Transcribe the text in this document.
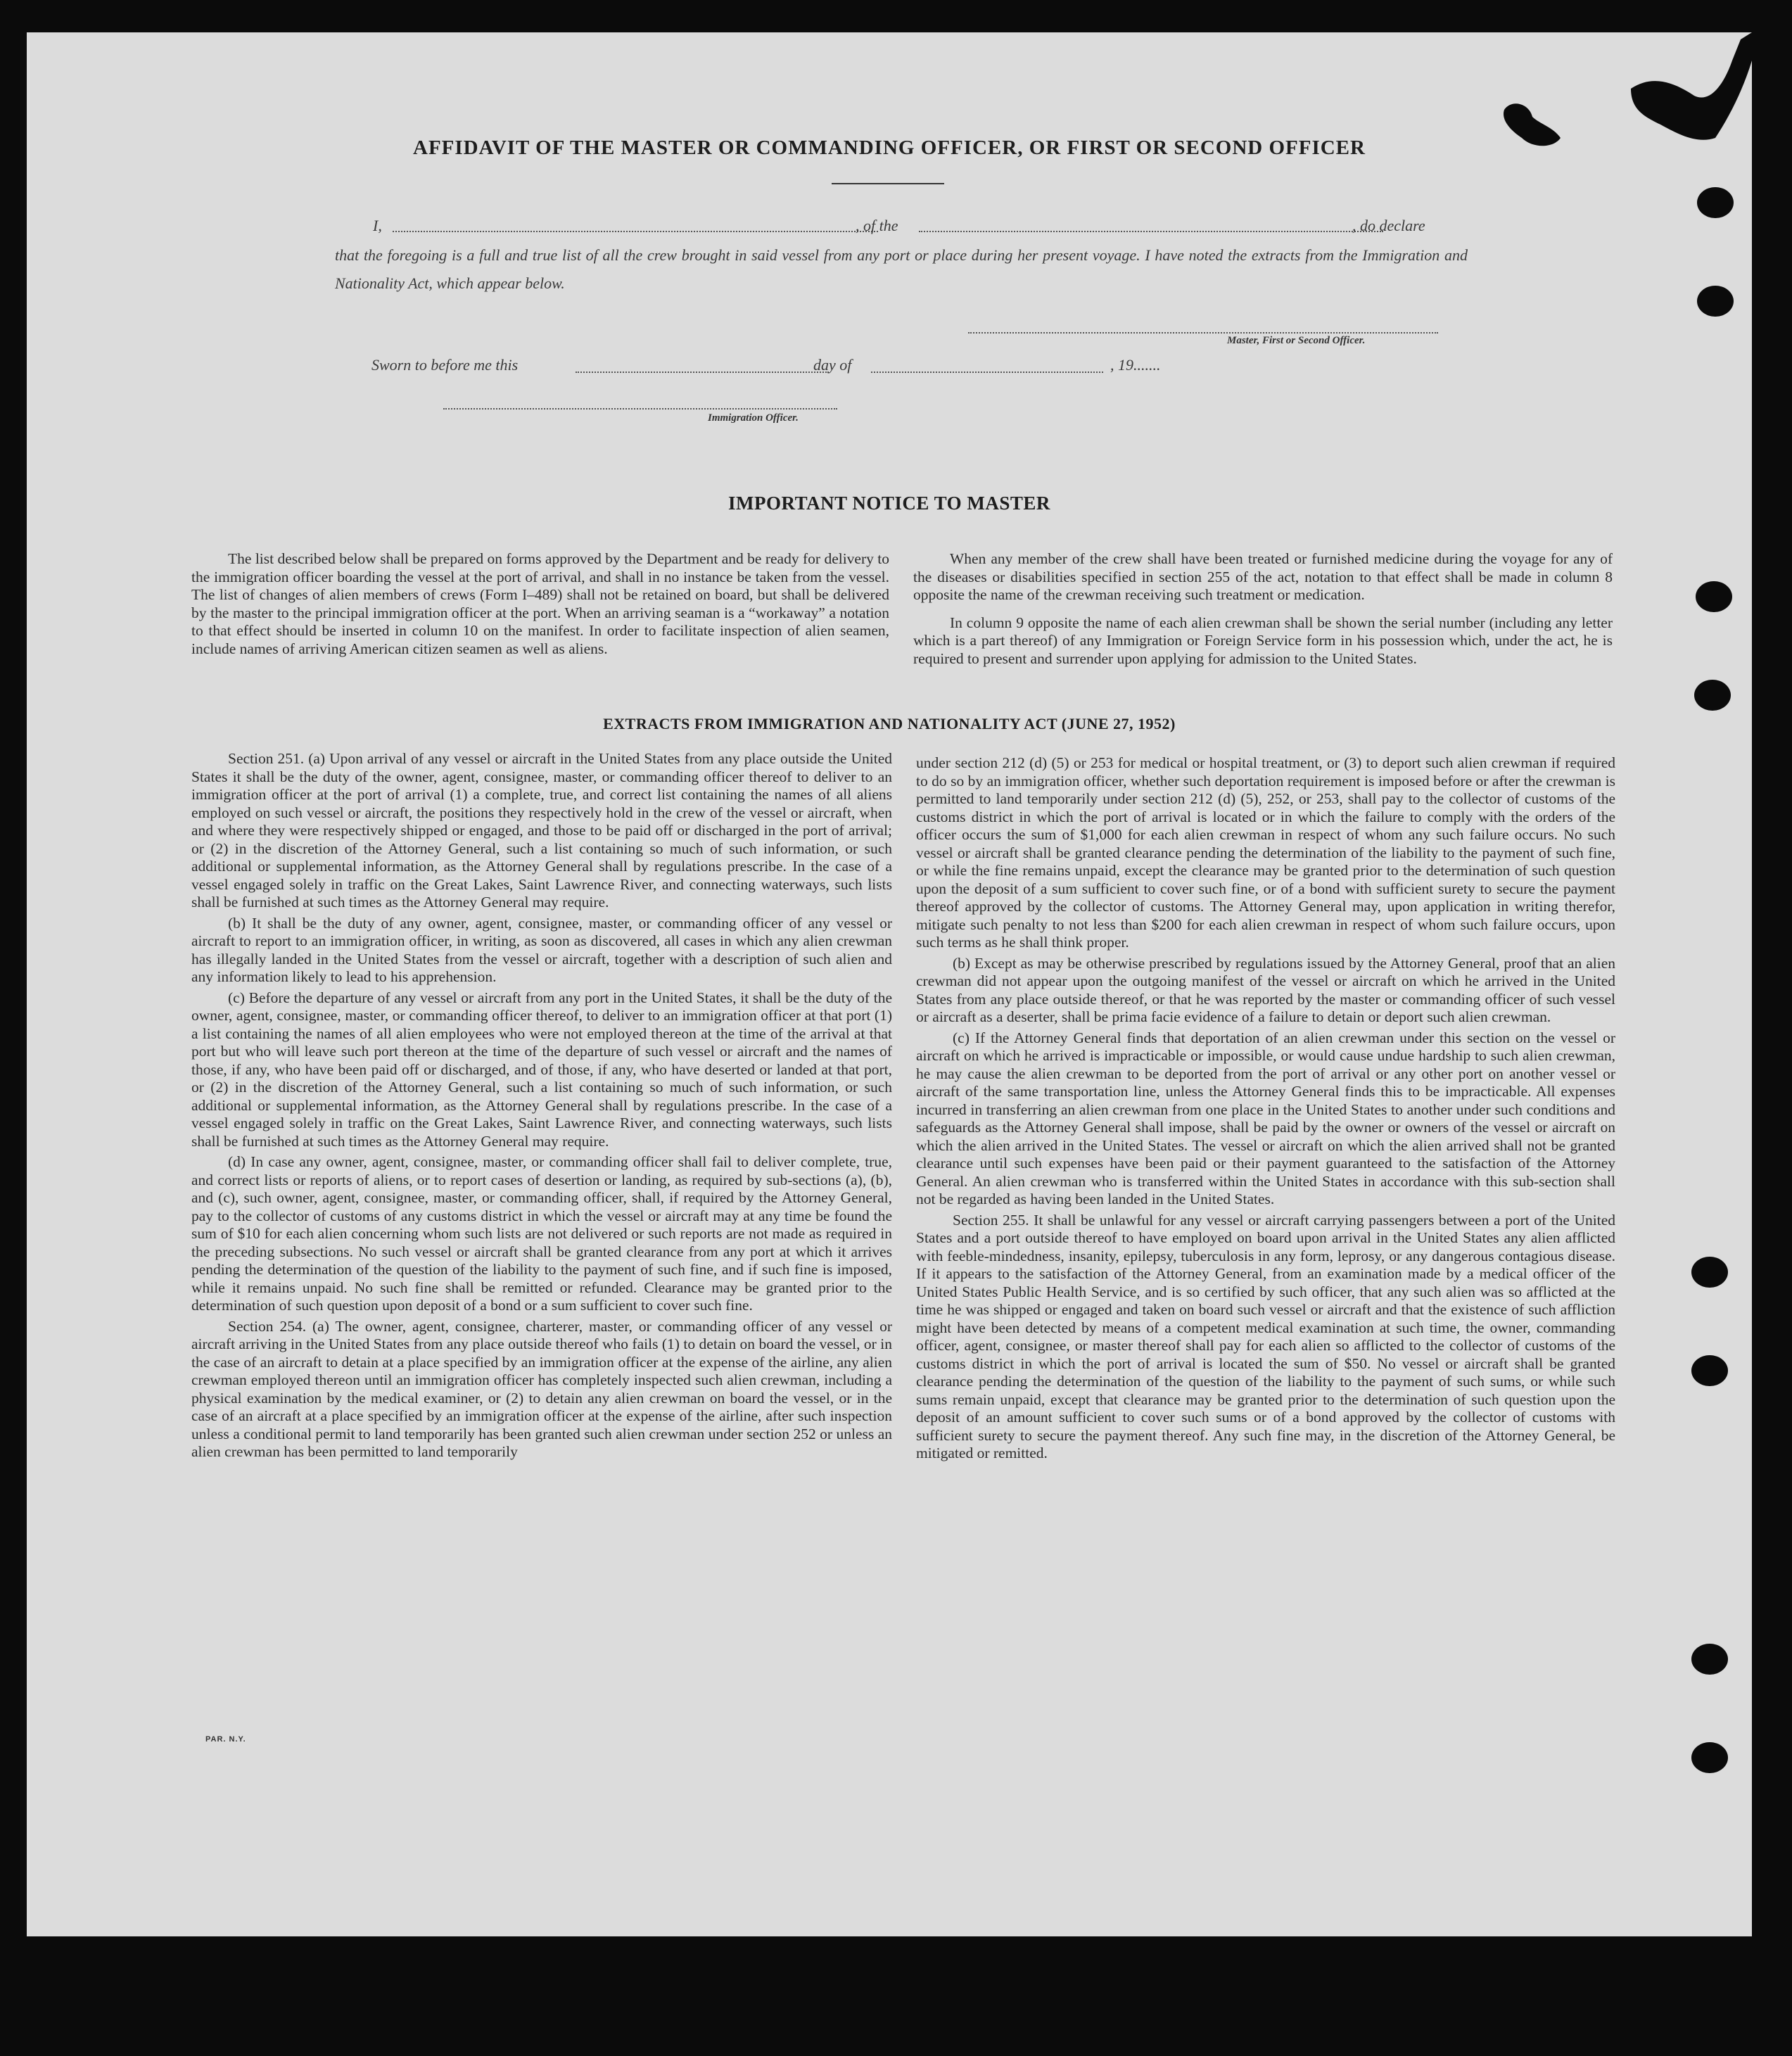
AFFIDAVIT OF THE MASTER OR COMMANDING OFFICER, OR FIRST OR SECOND OFFICER
I,	, of the	, do declare
that the foregoing is a full and true list of all the crew brought in said vessel from any port or place during her present voyage. I have noted the extracts from the Immigration and Nationality Act, which appear below.
Master, First or Second Officer.
Sworn to before me this	day of	, 19.......
Immigration Officer.
IMPORTANT NOTICE TO MASTER

The list described below shall be prepared on forms approved by the Department and be ready for delivery to the immigration officer boarding the vessel at the port of arrival, and shall in no instance be taken from the vessel. The list of changes of alien members of crews (Form I–489) shall not be retained on board, but shall be delivered by the master to the principal immigration officer at the port. When an arriving seaman is a “workaway” a notation to that effect should be inserted in column 10 on the manifest. In order to facilitate inspection of alien seamen, include names of arriving American citizen seamen as well as aliens.

When any member of the crew shall have been treated or furnished medicine during the voyage for any of the diseases or disabilities specified in section 255 of the act, notation to that effect shall be made in column 8 opposite the name of the crewman receiving such treatment or medication.

In column 9 opposite the name of each alien crewman shall be shown the serial number (including any letter which is a part thereof) of any Immigration or Foreign Service form in his possession which, under the act, he is required to present and surrender upon applying for admission to the United States.

EXTRACTS FROM IMMIGRATION AND NATIONALITY ACT (JUNE 27, 1952)

Section 251. (a) Upon arrival of any vessel or aircraft in the United States from any place outside the United States it shall be the duty of the owner, agent, consignee, master, or commanding officer thereof to deliver to an immigration officer at the port of arrival (1) a complete, true, and correct list containing the names of all aliens employed on such vessel or aircraft, the positions they respectively hold in the crew of the vessel or aircraft, when and where they were respectively shipped or engaged, and those to be paid off or discharged in the port of arrival; or (2) in the discretion of the Attorney General, such a list containing so much of such information, or such additional or supplemental information, as the Attorney General shall by regulations prescribe. In the case of a vessel engaged solely in traffic on the Great Lakes, Saint Lawrence River, and connecting waterways, such lists shall be furnished at such times as the Attorney General may require.

(b) It shall be the duty of any owner, agent, consignee, master, or commanding officer of any vessel or aircraft to report to an immigration officer, in writing, as soon as discovered, all cases in which any alien crewman has illegally landed in the United States from the vessel or aircraft, together with a description of such alien and any information likely to lead to his apprehension.

(c) Before the departure of any vessel or aircraft from any port in the United States, it shall be the duty of the owner, agent, consignee, master, or commanding officer thereof, to deliver to an immigration officer at that port (1) a list containing the names of all alien employees who were not employed thereon at the time of the arrival at that port but who will leave such port thereon at the time of the departure of such vessel or aircraft and the names of those, if any, who have been paid off or discharged, and of those, if any, who have deserted or landed at that port, or (2) in the discretion of the Attorney General, such a list containing so much of such information, or such additional or supplemental information, as the Attorney General shall by regulations prescribe. In the case of a vessel engaged solely in traffic on the Great Lakes, Saint Lawrence River, and connecting waterways, such lists shall be furnished at such times as the Attorney General may require.

(d) In case any owner, agent, consignee, master, or commanding officer shall fail to deliver complete, true, and correct lists or reports of aliens, or to report cases of desertion or landing, as required by sub-sections (a), (b), and (c), such owner, agent, consignee, master, or commanding officer, shall, if required by the Attorney General, pay to the collector of customs of any customs district in which the vessel or aircraft may at any time be found the sum of $10 for each alien concerning whom such lists are not delivered or such reports are not made as required in the preceding subsections. No such vessel or aircraft shall be granted clearance from any port at which it arrives pending the determination of the question of the liability to the payment of such fine, and if such fine is imposed, while it remains unpaid. No such fine shall be remitted or refunded. Clearance may be granted prior to the determination of such question upon deposit of a bond or a sum sufficient to cover such fine.

Section 254. (a) The owner, agent, consignee, charterer, master, or commanding officer of any vessel or aircraft arriving in the United States from any place outside thereof who fails (1) to detain on board the vessel, or in the case of an aircraft to detain at a place specified by an immigration officer at the expense of the airline, any alien crewman employed thereon until an immigration officer has completely inspected such alien crewman, including a physical examination by the medical examiner, or (2) to detain any alien crewman on board the vessel, or in the case of an aircraft at a place specified by an immigration officer at the expense of the airline, after such inspection unless a conditional permit to land temporarily has been granted such alien crewman under section 252 or unless an alien crewman has been permitted to land temporarily

under section 212 (d) (5) or 253 for medical or hospital treatment, or (3) to deport such alien crewman if required to do so by an immigration officer, whether such deportation requirement is imposed before or after the crewman is permitted to land temporarily under section 212 (d) (5), 252, or 253, shall pay to the collector of customs of the customs district in which the port of arrival is located or in which the failure to comply with the orders of the officer occurs the sum of $1,000 for each alien crewman in respect of whom any such failure occurs. No such vessel or aircraft shall be granted clearance pending the determination of the liability to the payment of such fine, or while the fine remains unpaid, except the clearance may be granted prior to the determination of such question upon the deposit of a sum sufficient to cover such fine, or of a bond with sufficient surety to secure the payment thereof approved by the collector of customs. The Attorney General may, upon application in writing therefor, mitigate such penalty to not less than $200 for each alien crewman in respect of whom such failure occurs, upon such terms as he shall think proper.

(b) Except as may be otherwise prescribed by regulations issued by the Attorney General, proof that an alien crewman did not appear upon the outgoing manifest of the vessel or aircraft on which he arrived in the United States from any place outside thereof, or that he was reported by the master or commanding officer of such vessel or aircraft as a deserter, shall be prima facie evidence of a failure to detain or deport such alien crewman.

(c) If the Attorney General finds that deportation of an alien crewman under this section on the vessel or aircraft on which he arrived is impracticable or impossible, or would cause undue hardship to such alien crewman, he may cause the alien crewman to be deported from the port of arrival or any other port on another vessel or aircraft of the same transportation line, unless the Attorney General finds this to be impracticable. All expenses incurred in transferring an alien crewman from one place in the United States to another under such conditions and safeguards as the Attorney General shall impose, shall be paid by the owner or owners of the vessel or aircraft on which the alien arrived in the United States. The vessel or aircraft on which the alien arrived shall not be granted clearance until such expenses have been paid or their payment guaranteed to the satisfaction of the Attorney General. An alien crewman who is transferred within the United States in accordance with this sub-section shall not be regarded as having been landed in the United States.

Section 255. It shall be unlawful for any vessel or aircraft carrying passengers between a port of the United States and a port outside thereof to have employed on board upon arrival in the United States any alien afflicted with feeble-mindedness, insanity, epilepsy, tuberculosis in any form, leprosy, or any dangerous contagious disease. If it appears to the satisfaction of the Attorney General, from an examination made by a medical officer of the United States Public Health Service, and is so certified by such officer, that any such alien was so afflicted at the time he was shipped or engaged and taken on board such vessel or aircraft and that the existence of such affliction might have been detected by means of a competent medical examination at such time, the owner, commanding officer, agent, consignee, or master thereof shall pay for each alien so afflicted to the collector of customs of the customs district in which the port of arrival is located the sum of $50. No vessel or aircraft shall be granted clearance pending the determination of the question of the liability to the payment of such sums, or while such sums remain unpaid, except that clearance may be granted prior to the determination of such question upon the deposit of an amount sufficient to cover such sums or of a bond approved by the collector of customs with sufficient surety to secure the payment thereof. Any such fine may, in the discretion of the Attorney General, be mitigated or remitted.

PAR. N.Y.
